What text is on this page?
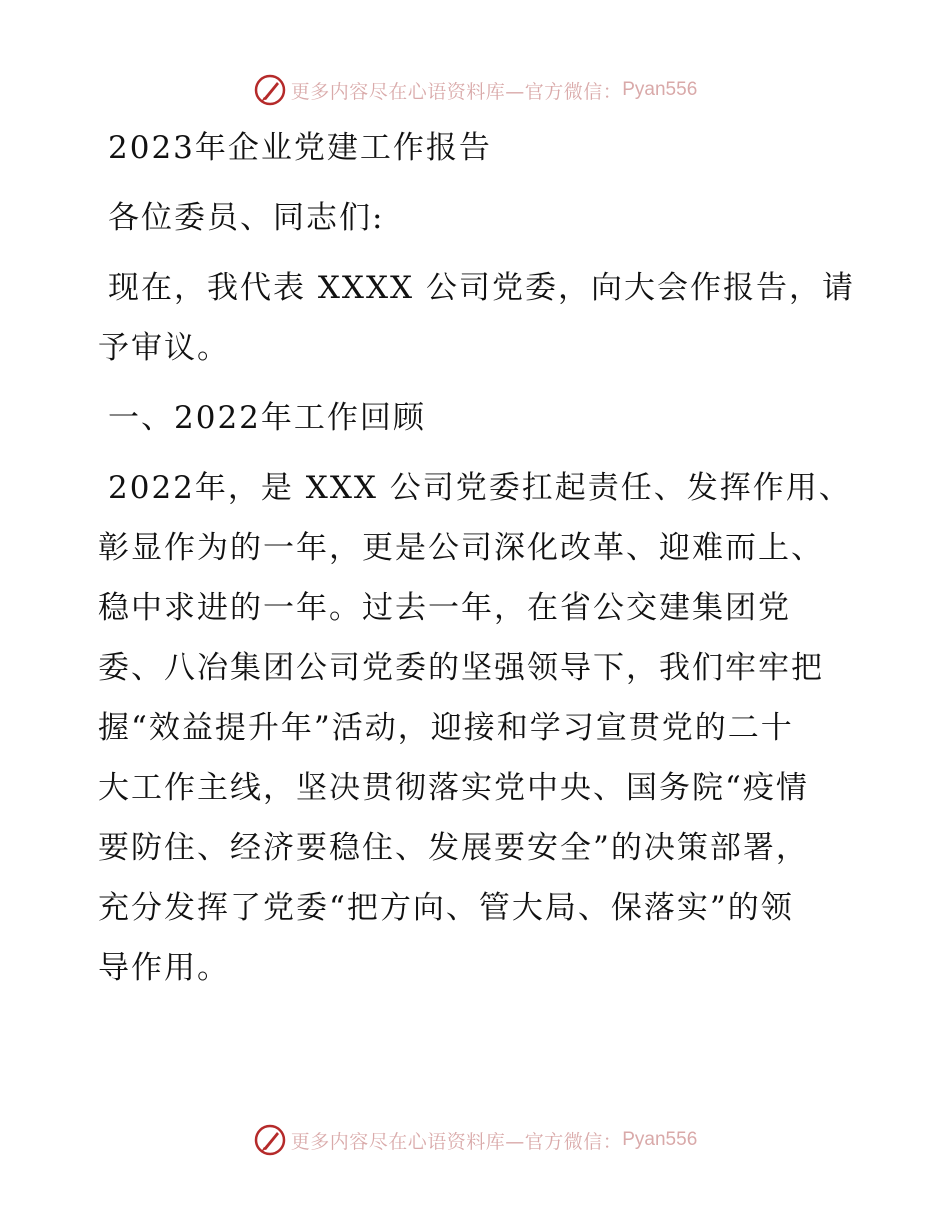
更多内容尽在心语资料库—官方微信： Pyan556
2023年企业党建工作报告
各位委员、同志们:
现在，我代表 XXXX 公司党委，向大会作报告，请
予审议。
一、2022年工作回顾
2022年，是 XXX 公司党委扛起责任、发挥作用、
彰显作为的一年，更是公司深化改革、迎难而上、
稳中求进的一年。过去一年，在省公交建集团党
委、八冶集团公司党委的坚强领导下，我们牢牢把
握“效益提升年”活动，迎接和学习宣贯党的二十
大工作主线，坚决贯彻落实党中央、国务院“疫情
要防住、经济要稳住、发展要安全”的决策部署，
充分发挥了党委“把方向、管大局、保落实”的领
导作用。
更多内容尽在心语资料库—官方微信： Pyan556
